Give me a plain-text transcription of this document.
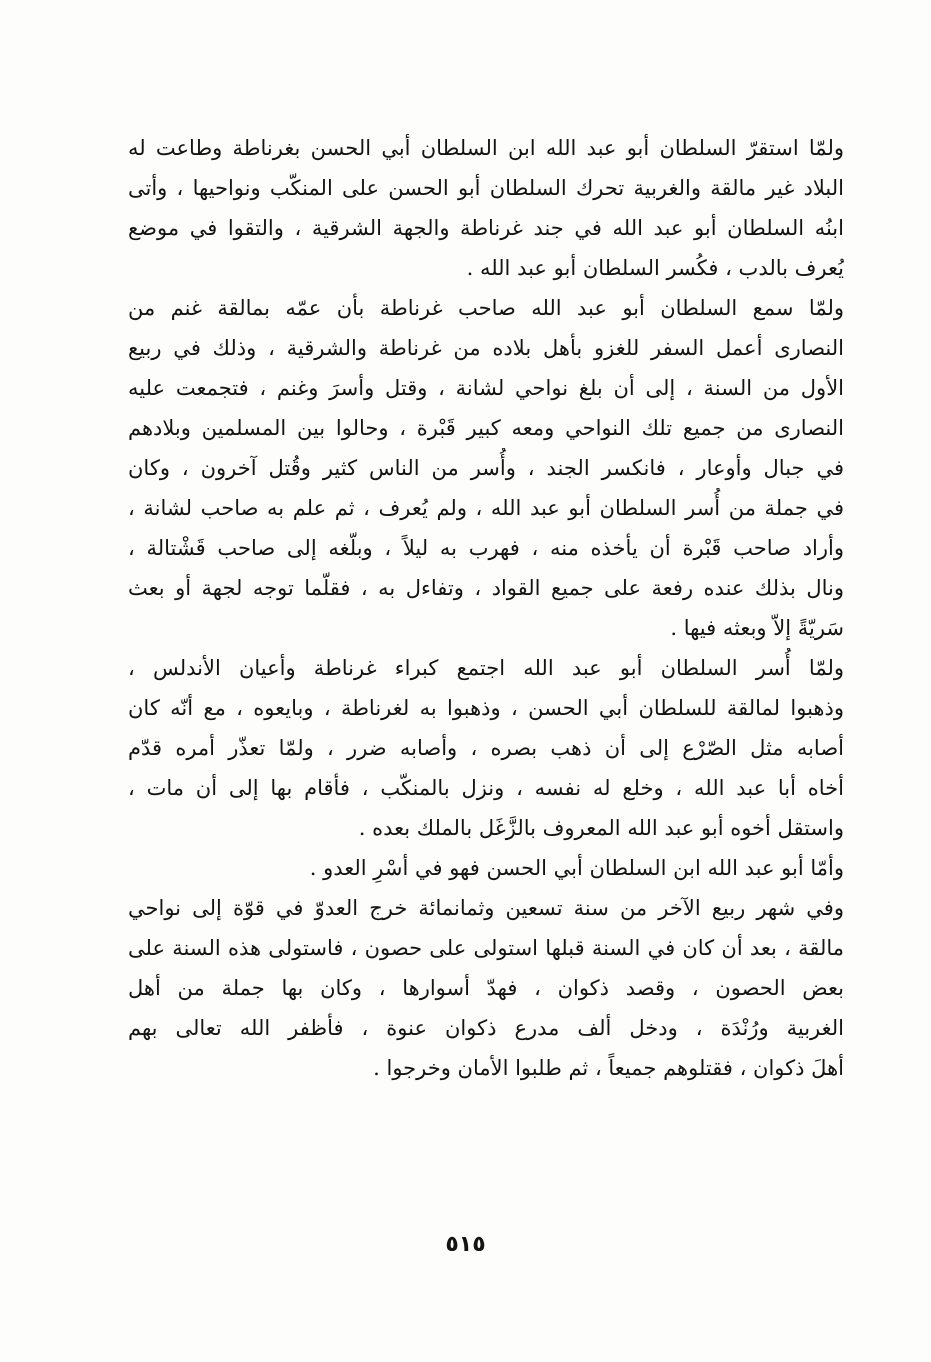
ولمّا استقرّ السلطان أبو عبد الله ابن السلطان أبي الحسن بغرناطة وطاعت له
البلاد غير مالقة والغربية تحرك السلطان أبو الحسن على المنكّب ونواحيها ، وأتى
ابنُه السلطان أبو عبد الله في جند غرناطة والجهة الشرقية ، والتقوا في موضع
يُعرف بالدب ، فكُسر السلطان أبو عبد الله .
ولمّا سمع السلطان أبو عبد الله صاحب غرناطة بأن عمّه بمالقة غنم من
النصارى أعمل السفر للغزو بأهل بلاده من غرناطة والشرقية ، وذلك في ربيع
الأول من السنة ، إلى أن بلغ نواحي لشانة ، وقتل وأسرَ وغنم ، فتجمعت عليه
النصارى من جميع تلك النواحي ومعه كبير قَبْرة ، وحالوا بين المسلمين وبلادهم
في جبال وأوعار ، فانكسر الجند ، وأُسر من الناس كثير وقُتل آخرون ، وكان
في جملة من أُسر السلطان أبو عبد الله ، ولم يُعرف ، ثم علم به صاحب لشانة ،
وأراد صاحب قَبْرة أن يأخذه منه ، فهرب به ليلاً ، وبلّغه إلى صاحب قَشْتالة ،
ونال بذلك عنده رفعة على جميع القواد ، وتفاءل به ، فقلّما توجه لجهة أو بعث
سَريّةً إلاّ وبعثه فيها .
ولمّا أُسر السلطان أبو عبد الله اجتمع كبراء غرناطة وأعيان الأندلس ،
وذهبوا لمالقة للسلطان أبي الحسن ، وذهبوا به لغرناطة ، وبايعوه ، مع أنّه كان
أصابه مثل الصّرْع إلى أن ذهب بصره ، وأصابه ضرر ، ولمّا تعذّر أمره قدّم
أخاه أبا عبد الله ، وخلع له نفسه ، ونزل بالمنكّب ، فأقام بها إلى أن مات ،
واستقل أخوه أبو عبد الله المعروف بالزَّغَل بالملك بعده .
وأمّا أبو عبد الله ابن السلطان أبي الحسن فهو في أسْرِ العدو .
وفي شهر ربيع الآخر من سنة تسعين وثمانمائة خرج العدوّ في قوّة إلى نواحي
مالقة ، بعد أن كان في السنة قبلها استولى على حصون ، فاستولى هذه السنة على
بعض الحصون ، وقصد ذكوان ، فهدّ أسوارها ، وكان بها جملة من أهل
الغربية ورُنْدَة ، ودخل ألف مدرع ذكوان عنوة ، فأظفر الله تعالى بهم
أهلَ ذكوان ، فقتلوهم جميعاً ، ثم طلبوا الأمان وخرجوا .
٥١٥
